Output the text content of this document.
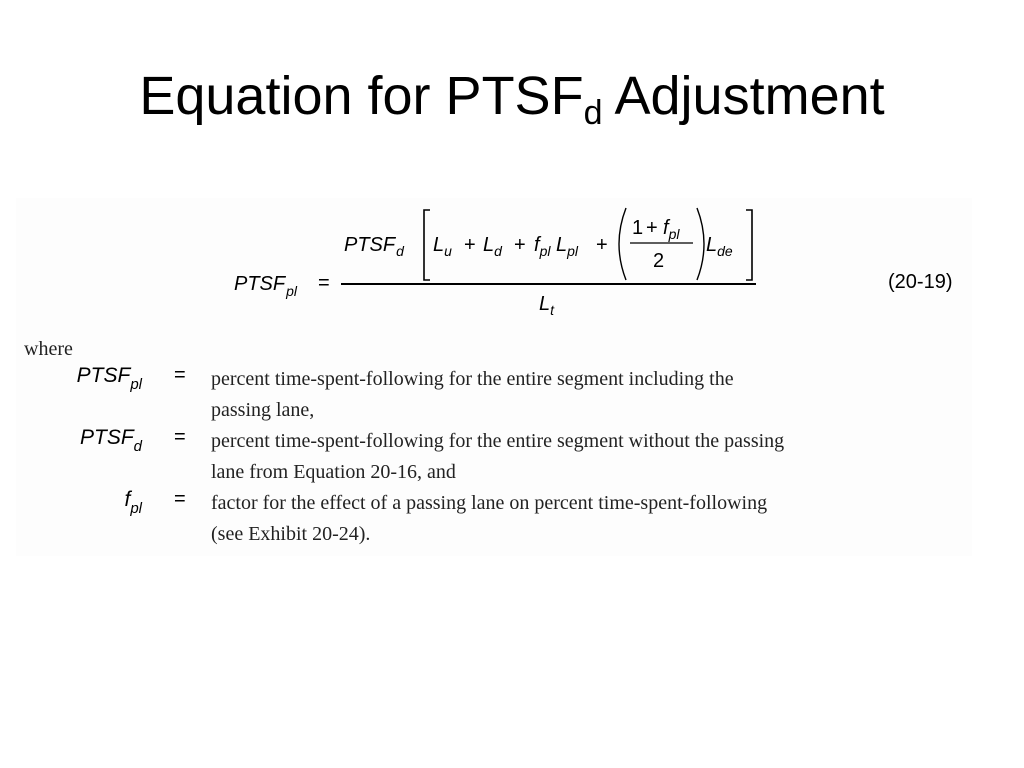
Equation for $PTSF_d$ Adjustment
$PTSF_{pl}$ =
$PTSF_d$ $L_u + L_d + f_{pl}$ $L_{pl}$ +
$1 + f_{pl}$
2
$L_{de}$
$L_t$
(20-19)
where
$PTSF_{pl}$ = percent time-spent-following for the entire segment including the
passing lane,
$PTSF_d$ = percent time-spent-following for the entire segment without the passing
lane from Equation 20-16, and
$f_{pl}$ = factor for the effect of a passing lane on percent time-spent-following
(see Exhibit 20-24).
